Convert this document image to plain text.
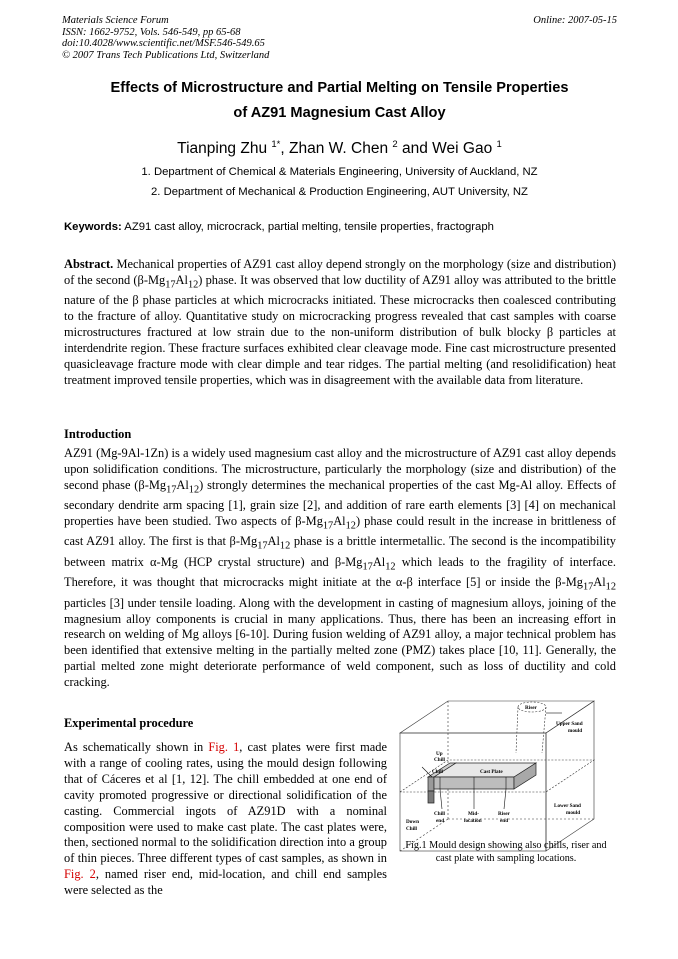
Materials Science Forum
ISSN: 1662-9752, Vols. 546-549, pp 65-68
doi:10.4028/www.scientific.net/MSF.546-549.65
© 2007 Trans Tech Publications Ltd, Switzerland
Online: 2007-05-15
Effects of Microstructure and Partial Melting on Tensile Properties
of AZ91 Magnesium Cast Alloy
Tianping Zhu $^{1*}$, Zhan W. Chen $^2$ and Wei Gao $^1$
1. Department of Chemical & Materials Engineering, University of Auckland, NZ
2. Department of Mechanical & Production Engineering, AUT University, NZ
Keywords: AZ91 cast alloy, microcrack, partial melting, tensile properties, fractograph

Abstract. Mechanical properties of AZ91 cast alloy depend strongly on the morphology (size and distribution) of the second $(\beta-Mg_{17}Al_{12})$ phase. It was observed that low ductility of AZ91 alloy was attributed to the brittle nature of the β phase particles at which microcracks initiated. These microcracks then coalesced contributing to the fracture of alloy. Quantitative study on microcracking progress revealed that cast samples with coarse microstructures fractured at low strain due to the non-uniform distribution of bulk blocky β particles at interdendrite region. These fracture surfaces exhibited clear cleavage mode. Fine cast microstructure presented quasicleavage fracture mode with clear dimple and tear ridges. The partial melting (and resolidification) heat treatment improved tensile properties, which was in disagreement with the available data from literature.

Introduction

AZ91 (Mg-9Al-1Zn) is a widely used magnesium cast alloy and the microstructure of AZ91 cast alloy depends upon solidification conditions. The microstructure, particularly the morphology (size and distribution) of the second phase $(\beta-Mg_{17}Al_{12})$ strongly determines the mechanical properties of the cast Mg-Al alloy. Effects of secondary dendrite arm spacing [1], grain size [2], and addition of rare earth elements [3] [4] on mechanical properties have been studied. Two aspects of $\beta-Mg_{17}Al_{12}$) phase could result in the increase in brittleness of cast AZ91 alloy. The first is that $\beta-Mg_{17}Al_{12}$ phase is a brittle intermetallic. The second is the incompatibility between matrix α-Mg (HCP crystal structure) and $\beta-Mg_{17}Al_{12}$ which leads to the fragility of interface. Therefore, it was thought that microcracks might initiate at the α-β interface [5] or inside the $\beta-Mg_{17}Al_{12}$ particles [3] under tensile loading. Along with the development in casting of magnesium alloys, joining of the magnesium alloy components is crucial in many applications. Thus, there has been an increasing effort in research on welding of Mg alloys [6-10]. During fusion welding of AZ91 alloy, a major technical problem has been identified that extensive melting in the partially melted zone (PMZ) takes place [10, 11]. Generally, the partial melted zone might deteriorate performance of weld component, such as loss of ductility and cold cracking.

Experimental procedure

As schematically shown in Fig. 1, cast plates were first made with a range of cooling rates, using the mould design following that of Cáceres et al [1, 12]. The chill embedded at one end of cavity promoted progressive or directional solidification of the casting. Commercial ingots of AZ91D with a nominal composition were used to make cast plate. The cast plates were, then, sectioned normal to the solidification direction into a group of thin pieces. Three different types of cast samples, as shown in Fig. 2, named riser end, mid-location, and chill end samples were selected as the

Riser
Upper Sand
mould
Up
Chill
Chill	Cast Plate
Lower Sand
mould
Down
Chill
Chill
end
Mid-
location
Riser
end
Fig.1 Mould design showing also chills, riser and cast plate with sampling locations.
